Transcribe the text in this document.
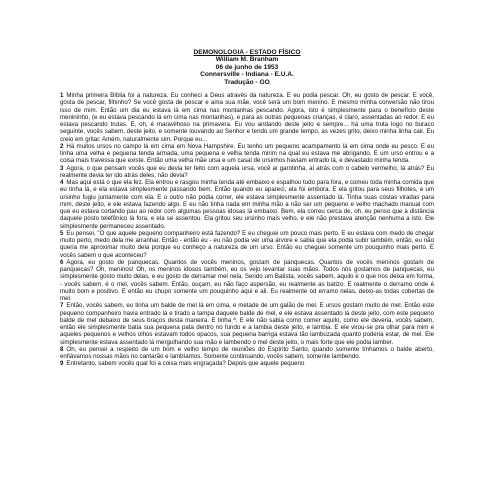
DEMONOLOGIA - ESTADO FÍSICO
William M. Branham
06 de junho de 1953
Connersville - Indiana - E.U.A.
Tradução - GO

1 Minha primeira Bíblia foi a natureza. Eu conheci a Deus através da natureza. E eu podia pescar. Oh, eu gosto de pescar. E você, gosta de pescar, filhinho? Se você gosta de pescar e ama sua mãe, você será um bom menino. E mesmo minha conversão não tirou isso de mim. Então um dia eu estava lá em cima nas montanhas pescando. Agora, isto é simplesmente para o benefício deste menininho, (e eu estava pescando lá em cima nas montanhas), e para as outras pequenas crianças, é claro, assentadas ao redor. E eu estava pescando trutas. E, oh, é maravilhoso na primavera. Eu vou andando deste jeito e sempre... há uma truta logo no buraco seguinte, vocês sabem, deste jeito, e somente louvando ao Senhor e tendo um grande tempo, as vezes grito, deixo minha linha cair. Eu creio em gritar. Amém, naturalmente sim. Porque eu...

2 Há muitos ursos no campo lá em cima em Nova Hampshire. Eu tenho um pequeno acampamento lá em cima onde eu pesco. E eu tinha uma velha e pequena tenda armada, uma pequena e velha tenda mirim na qual eu estava me abrigando. E um urso entrou e a coisa mais travessa que existe. Então uma velha mãe ursa e um casal de ursinhos haviam entrado lá, e devastado minha tenda.

3 Agora, o que pensam vocês que eu devia ter feito com aquela ursa, você aí garotinha, aí atrás com o cabelo vermelho, lá atrás? Eu realmente devia ter ido atrás deles, não devia?

4 Mas aqui está o que ela fez. Ela entrou e rasgou minha tenda até embaixo e espalhou tudo para fora, e comeu toda minha comida que eu tinha lá, e ela estava simplesmente passando bem. Então quando eu apareci, ela foi embora. E ela gritou para seus filhotes, e um ursinho fugiu juntamente com ela. E o outro não podia correr, ele estava simplesmente assentado lá. Tinha suas costas viradas para mim, deste jeito, e ele estava fazendo algo. E eu não tinha nada em minha mão a não ser um pequeno e velho machado manual com que eu estava cortando pau ao redor com algumas pessoas idosas lá embaixo. Bem, ela correu cerca de, oh, eu penso que à distância daquele posto telefônico lá fora, e ela se assentou. Ela gritou seu ursinho mais velho, e ele não prestava atenção nenhuma a isto. Ele simplesmente permaneceu assentado.

5 Eu pensei, "O que aquele pequeno companheiro está fazendo? E eu cheguei um pouco mais perto. E eu estava com medo de chegar muito perto, medo dela me arranhar. Então - então eu - eu não podia ver uma árvore e sabia que ela podia subir também, então, eu não queria me aproximar muito dela porque eu conheço a natureza de um urso. Então eu cheguei somente um pouquinho mais perto. E vocês sabem o que aconteceu?

6 Agora, eu gosto de panquecas. Quantos de vocês meninos, gostam de panquecas. Quantos de vocês meninos gostam de panquecas? Oh, meninos! Oh, os meninos idosos também, eu os vejo levantar suas mãos. Todos nós gostamos de panquecas, eu simplesmente gosto muito delas, e eu gosto de derramar mel nela. Sendo um Batista, vocês sabem, aquilo é o que nos deixa em forma, - vocês sabem, é o mel, vocês sabem. Então, ouçam, eu não faço aspersão, eu realmente as batizo. E realmente o derramo onde é muito bom e positivo. E então eu chupo somente um pouquinho aqui e ali. Eu realmente od erramo nelas, deixo-as todas cobertas de mel.

7 Então, vocês sabem, eu tinha um balde de mel lá em cima, e metade de um galão de mel. E ursos gostam muito de mel. Então este pequeno companheiro havia entrado lá e tirado a tampa daquele balde de mel, e ele estava assentado lá deste jeito, com este pequeno balde de mel debaixo de seus braços desta maneira. E tinha ª. E ele não sabia como comer aquilo, como ele deveria, vocês sabem, então ele simplesmente batia sua pequena pata dentro no fundo e a lambia deste jeito, e lambia. E ele virou-se pra olhar para mim e aqueles pequenos e velhos olhos estavam todos opacos, sua pequena barriga estava tão lambuzada quanto poderia estar, de mel. Ele simplesmente estava assentado lá mergulhando sua mão e lambendo o mel deste jeito, o mais forte que ele podia lamber.

8 Oh, eu pensei a respeito de um bom e velho tempo de reuniões do Espírito Santo, quando somente tínhamos o balde aberto, enfiávamos nossas mãos no cantarão e lambíamos. Somente continuando, vocês sabem, somente lambendo.

9 Entretanto, sabem vocês qual foi a coisa mais engraçada? Depois que aquele pequeno
